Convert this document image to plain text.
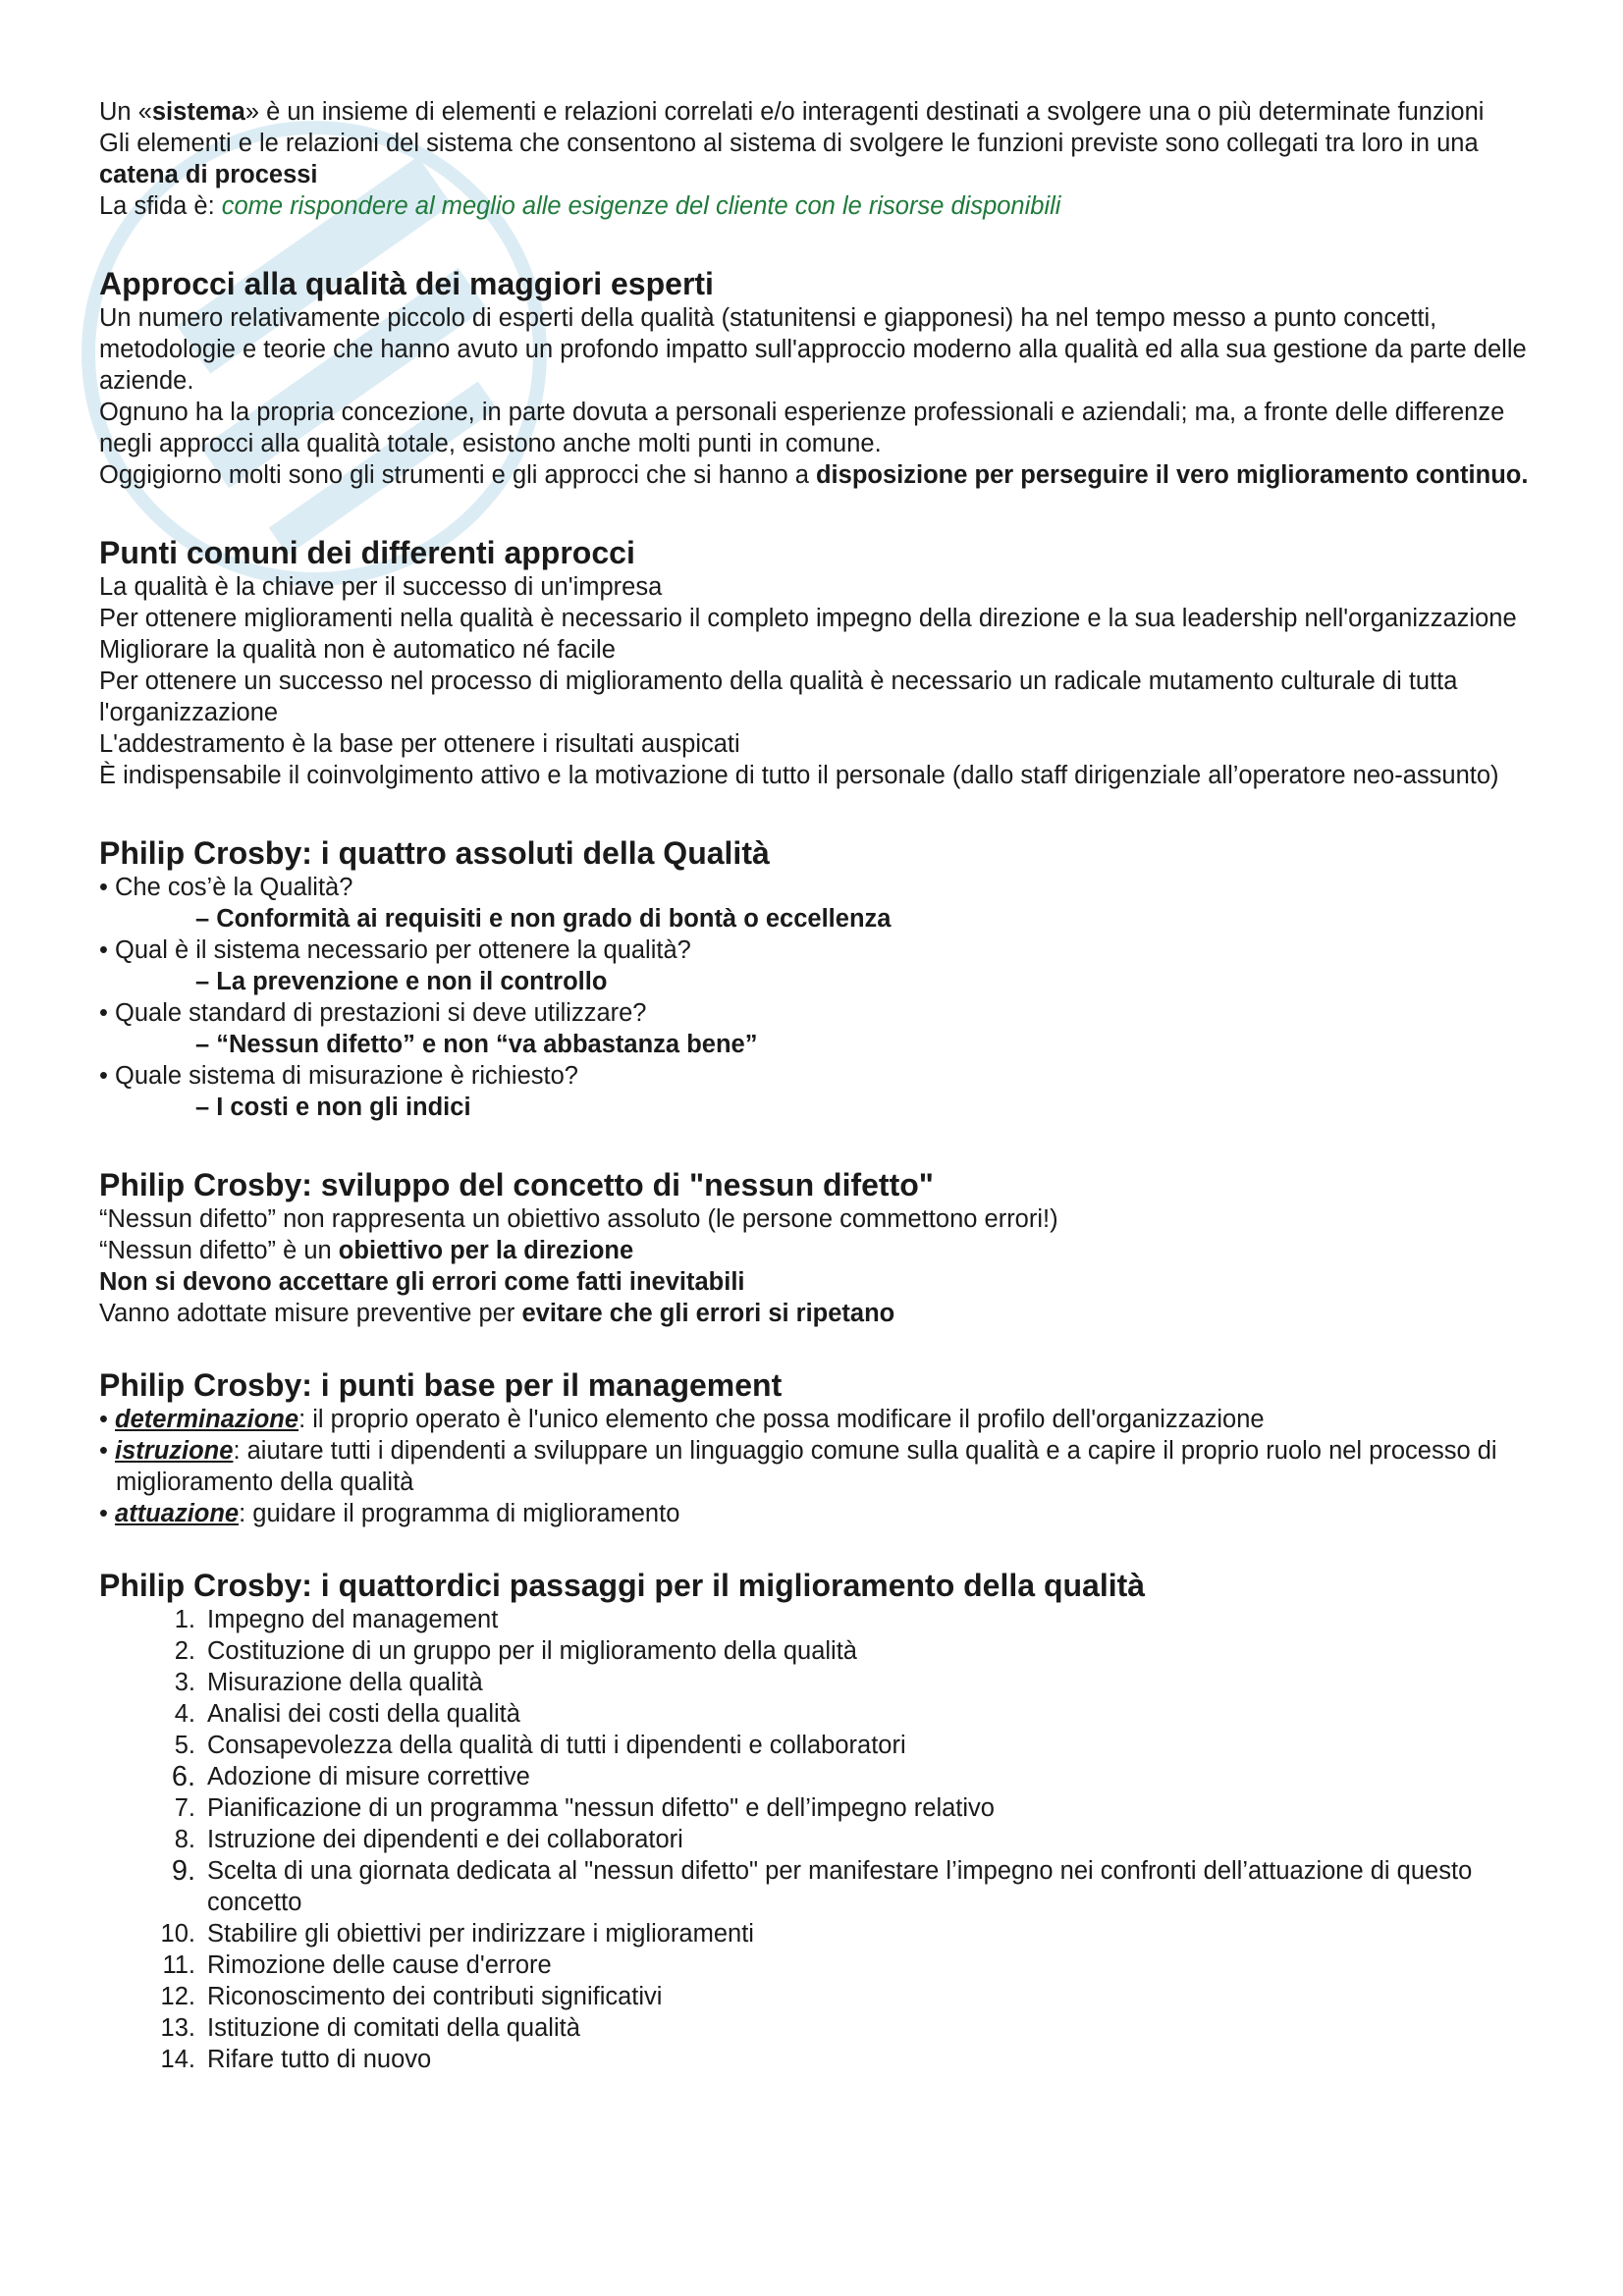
Un «sistema» è un insieme di elementi e relazioni correlati e/o interagenti destinati a svolgere una o più determinate funzioni

Gli elementi e le relazioni del sistema che consentono al sistema di svolgere le funzioni previste sono collegati tra loro in una catena di processi

La sfida è: come rispondere al meglio alle esigenze del cliente con le risorse disponibili

Approcci alla qualità dei maggiori esperti

Un numero relativamente piccolo di esperti della qualità (statunitensi e giapponesi) ha nel tempo messo a punto concetti, metodologie e teorie che hanno avuto un profondo impatto sull'approccio moderno alla qualità ed alla sua gestione da parte delle aziende.

Ognuno ha la propria concezione, in parte dovuta a personali esperienze professionali e aziendali; ma, a fronte delle differenze negli approcci alla qualità totale, esistono anche molti punti in comune.

Oggigiorno molti sono gli strumenti e gli approcci che si hanno a disposizione per perseguire il vero miglioramento continuo.

Punti comuni dei differenti approcci

La qualità è la chiave per il successo di un'impresa

Per ottenere miglioramenti nella qualità è necessario il completo impegno della direzione e la sua leadership nell'organizzazione

Migliorare la qualità non è automatico né facile

Per ottenere un successo nel processo di miglioramento della qualità è necessario un radicale mutamento culturale di tutta l'organizzazione

L'addestramento è la base per ottenere i risultati auspicati

È indispensabile il coinvolgimento attivo e la motivazione di tutto il personale (dallo staff dirigenziale all’operatore neo-assunto)

Philip Crosby: i quattro assoluti della Qualità

• Che cos’è la Qualità?

– Conformità ai requisiti e non grado di bontà o eccellenza

• Qual è il sistema necessario per ottenere la qualità?

– La prevenzione e non il controllo

• Quale standard di prestazioni si deve utilizzare?

– “Nessun difetto” e non “va abbastanza bene”

• Quale sistema di misurazione è richiesto?

– I costi e non gli indici

Philip Crosby: sviluppo del concetto di "nessun difetto"

“Nessun difetto” non rappresenta un obiettivo assoluto (le persone commettono errori!)

“Nessun difetto” è un obiettivo per la direzione

Non si devono accettare gli errori come fatti inevitabili

Vanno adottate misure preventive per evitare che gli errori si ripetano

Philip Crosby: i punti base per il management

• determinazione: il proprio operato è l'unico elemento che possa modificare il profilo dell'organizzazione

• istruzione: aiutare tutti i dipendenti a sviluppare un linguaggio comune sulla qualità e a capire il proprio ruolo nel processo di miglioramento della qualità

• attuazione: guidare il programma di miglioramento

Philip Crosby: i quattordici passaggi per il miglioramento della qualità
1. Impegno del management
2. Costituzione di un gruppo per il miglioramento della qualità
3. Misurazione della qualità
4. Analisi dei costi della qualità
5. Consapevolezza della qualità di tutti i dipendenti e collaboratori
6. Adozione di misure correttive
7. Pianificazione di un programma "nessun difetto" e dell’impegno relativo
8. Istruzione dei dipendenti e dei collaboratori
9. Scelta di una giornata dedicata al "nessun difetto" per manifestare l’impegno nei confronti dell’attuazione di questo concetto
10. Stabilire gli obiettivi per indirizzare i miglioramenti
11. Rimozione delle cause d'errore
12. Riconoscimento dei contributi significativi
13. Istituzione di comitati della qualità
14. Rifare tutto di nuovo
